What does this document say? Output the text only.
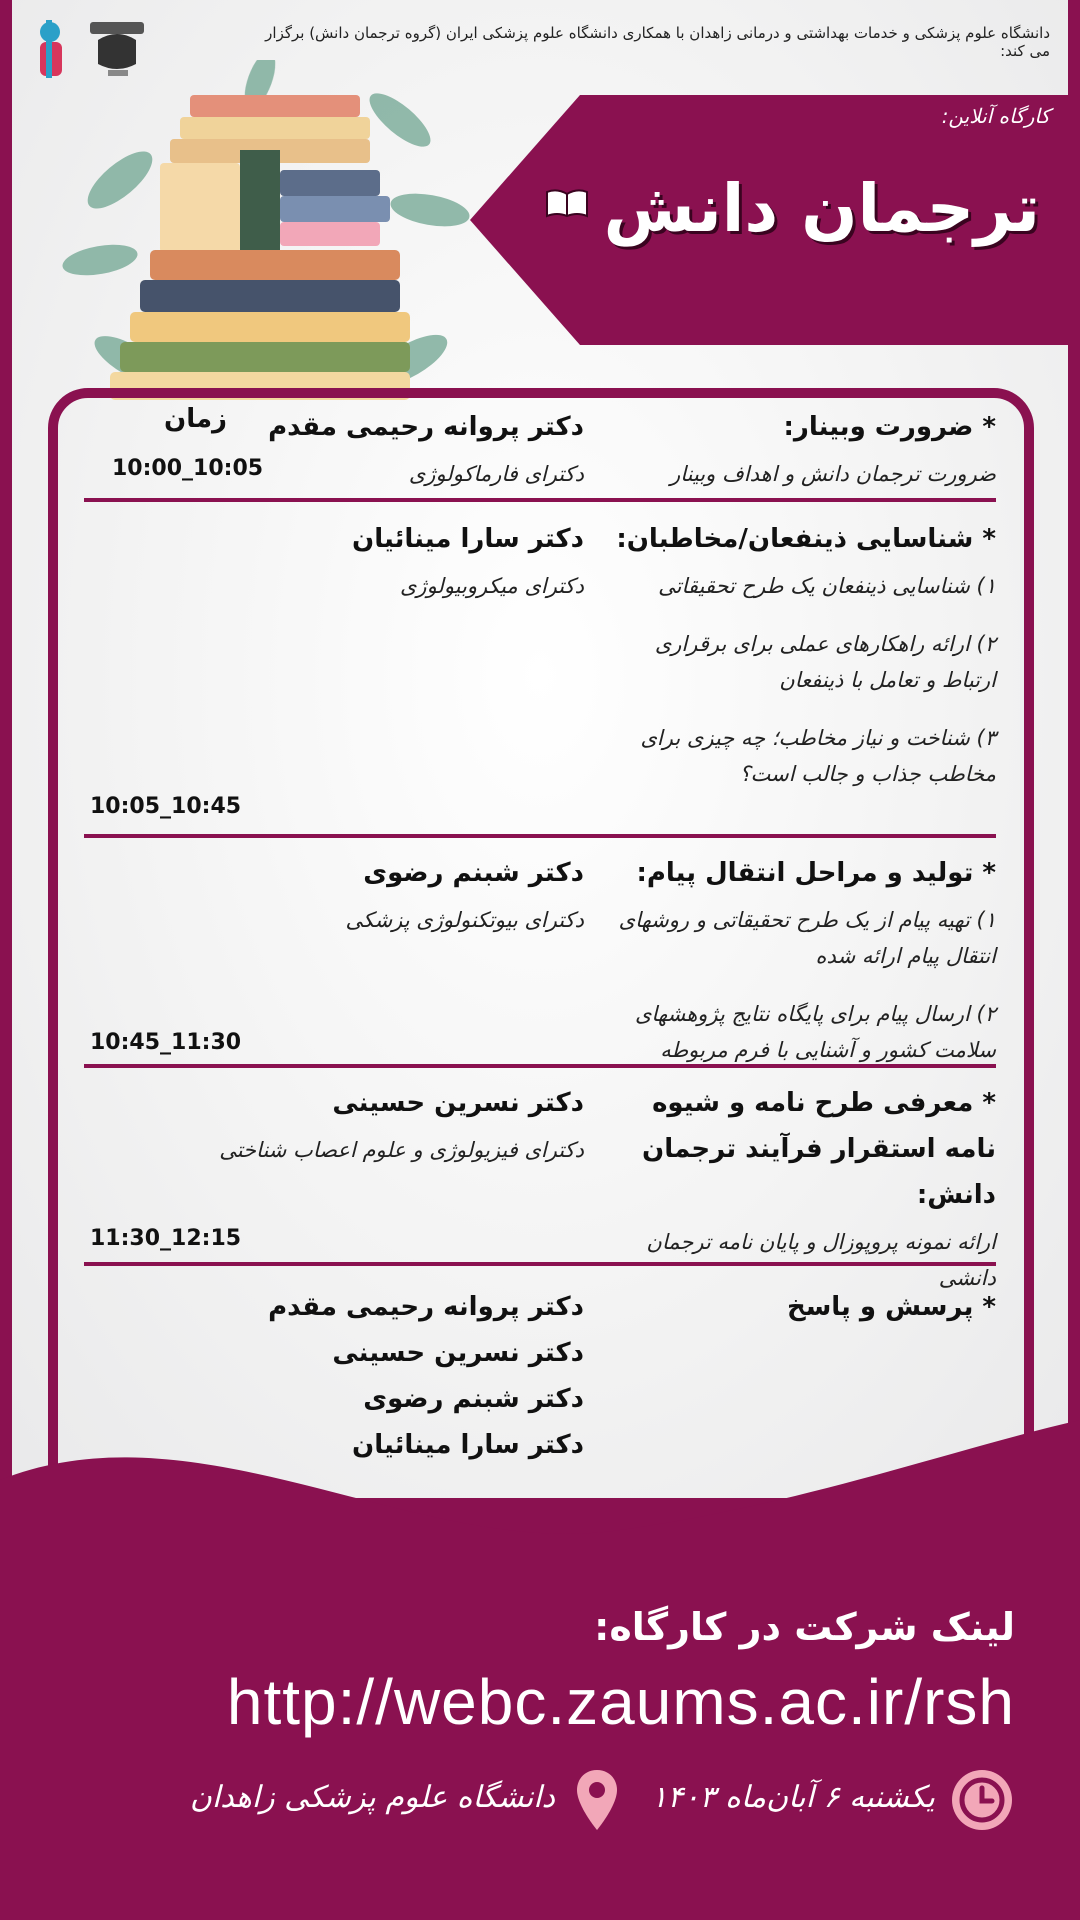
دانشگاه علوم پزشکی و خدمات بهداشتی و درمانی زاهدان با همکاری دانشگاه علوم پزشکی ایران (گروه ترجمان دانش) برگزار می کند:
کارگاه آنلاین:
ترجمان دانش
* ضرورت وبینار:

ضرورت ترجمان دانش و اهداف وبینار

دکتر پروانه رحیمی مقدم
دکترای فارماکولوژی
زمان
10:00_10:05
* شناسایی ذینفعان/مخاطبان:

۱) شناسایی ذینفعان یک طرح تحقیقاتی

۲) ارائه راهکارهای عملی برای برقراری ارتباط و تعامل با ذینفعان

۳) شناخت و نیاز مخاطب؛ چه چیزی برای مخاطب جذاب و جالب است؟

دکتر سارا مینائیان
دکترای میکروبیولوژی
10:05_10:45
* تولید و مراحل انتقال پیام:

۱) تهیه پیام از یک طرح تحقیقاتی و روشهای انتقال پیام ارائه شده

۲) ارسال پیام برای پایگاه نتایج پژوهشهای سلامت کشور و آشنایی با فرم مربوطه

دکتر شبنم رضوی
دکترای بیوتکنولوژی پزشکی
10:45_11:30
* معرفی طرح نامه و شیوه نامه استقرار فرآیند ترجمان دانش:

ارائه نمونه پروپوزال و پایان نامه ترجمان دانشی

دکتر نسرین حسینی
دکترای فیزیولوژی و علوم اعصاب شناختی
11:30_12:15
* پرسش و پاسخ
دکتر پروانه رحیمی مقدم
دکتر نسرین حسینی
دکتر شبنم رضوی
دکتر سارا مینائیان
لینک شرکت در کارگاه:
http://webc.zaums.ac.ir/rsh
یکشنبه ۶ آبان‌ماه ۱۴۰۳
دانشگاه علوم پزشکی زاهدان
